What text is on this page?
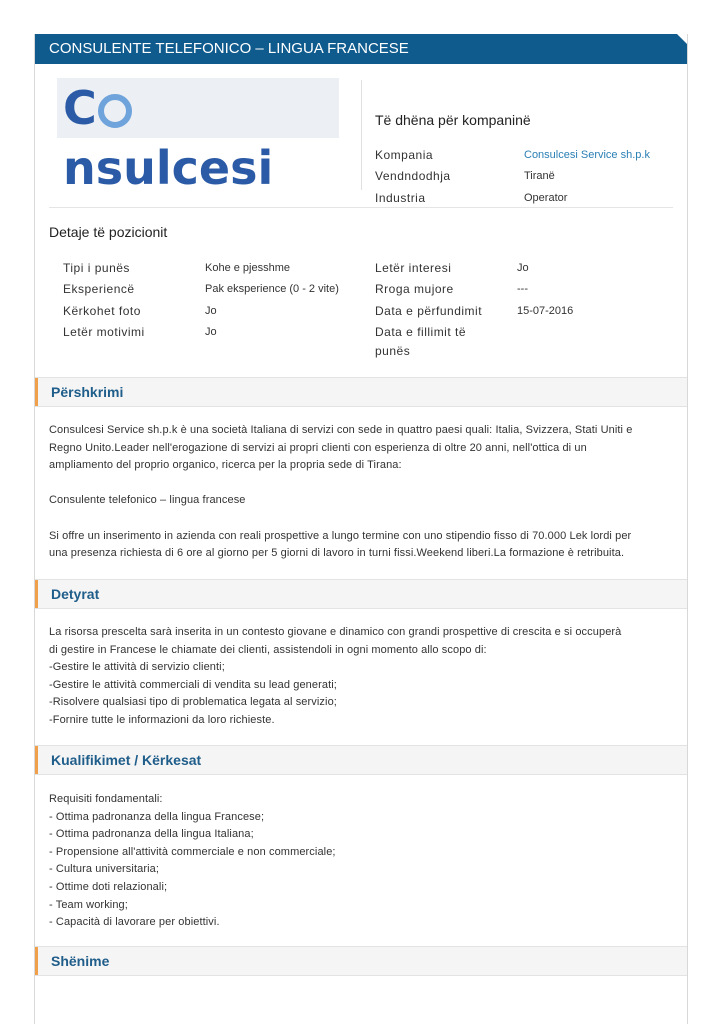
CONSULENTE TELEFONICO – LINGUA FRANCESE
Cnsulcesi
Të dhëna për kompaninë
Kompania	Consulcesi Service sh.p.k
Vendndodhja	Tiranë
Industria	Operator
Detaje të pozicionit
Tipi i punës	Kohe e pjesshme
Eksperiencë	Pak eksperience (0 - 2 vite)
Kërkohet foto	Jo
Letër motivimi	Jo
Letër interesi	Jo
Rroga mujore	---
Data e përfundimit	15-07-2016
Data e fillimit të
punës
Përshkrimi

Consulcesi Service sh.p.k è una società Italiana di servizi con sede in quattro paesi quali: Italia, Svizzera, Stati Uniti e

Regno Unito.Leader nell'erogazione di servizi ai propri clienti con esperienza di oltre 20 anni, nell'ottica di un

ampliamento del proprio organico, ricerca per la propria sede di Tirana:

Consulente telefonico – lingua francese

Si offre un inserimento in azienda con reali prospettive a lungo termine con uno stipendio fisso di 70.000 Lek lordi per

una presenza richiesta di 6 ore al giorno per 5 giorni di lavoro in turni fissi.Weekend liberi.La formazione è retribuita.

Detyrat

La risorsa prescelta sarà inserita in un contesto giovane e dinamico con grandi prospettive di crescita e si occuperà

di gestire in Francese le chiamate dei clienti, assistendoli in ogni momento allo scopo di:

-Gestire le attività di servizio clienti;

-Gestire le attività commerciali di vendita su lead generati;

-Risolvere qualsiasi tipo di problematica legata al servizio;

-Fornire tutte le informazioni da loro richieste.

Kualifikimet / Kërkesat

Requisiti fondamentali:

- Ottima padronanza della lingua Francese;

- Ottima padronanza della lingua Italiana;

- Propensione all'attività commerciale e non commerciale;

- Cultura universitaria;

- Ottime doti relazionali;

- Team working;

- Capacità di lavorare per obiettivi.

Shënime
